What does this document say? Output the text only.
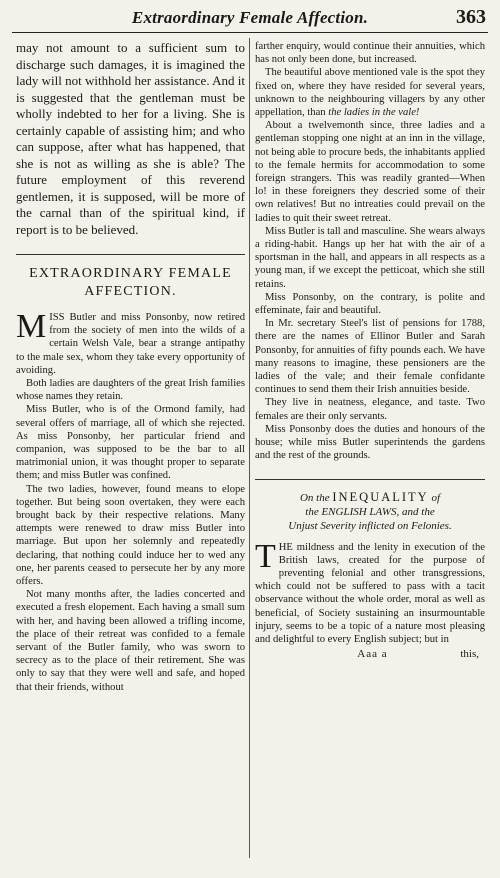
Extraordinary Female Affection.	363

may not amount to a sufficient sum to discharge such damages, it is imagined the lady will not withhold her assistance. And it is suggested that the gentleman must be wholly indebted to her for a living. She is certainly capable of assisting him; and who can suppose, after what has happened, that she is not as willing as she is able? The future employment of this reverend gentlemen, it is supposed, will be more of the carnal than of the spiritual kind, if report is to be believed.

EXTRAORDINARY FEMALE
AFFECTION.

MISS Butler and miss Ponsonby, now retired from the society of men into the wilds of a certain Welsh Vale, bear a strange antipathy to the male sex, whom they take every opportunity of avoiding.

Both ladies are daughters of the great Irish families whose names they retain.

Miss Butler, who is of the Ormond family, had several offers of marriage, all of which she rejected. As miss Ponsonby, her particular friend and companion, was supposed to be the bar to all matrimonial union, it was thought proper to separate them; and miss Butler was confined.

The two ladies, however, found means to elope together. But being soon overtaken, they were each brought back by their respective relations. Many attempts were renewed to draw miss Butler into marriage. But upon her solemnly and repeatedly declaring, that nothing could induce her to wed any one, her parents ceased to persecute her by any more offers.

Not many months after, the ladies concerted and executed a fresh elopement. Each having a small sum with her, and having been allowed a trifling income, the place of their retreat was confided to a female servant of the Butler family, who was sworn to secrecy as to the place of their retirement. She was only to say that they were well and safe, and hoped that their friends, without

farther enquiry, would continue their annuities, which has not only been done, but increased.

The beautiful above mentioned vale is the spot they fixed on, where they have resided for several years, unknown to the neighbouring villagers by any other appellation, than the ladies in the vale!

About a twelvemonth since, three ladies and a gentleman stopping one night at an inn in the village, not being able to procure beds, the inhabitants applied to the female hermits for accommodation to some foreign strangers. This was readily granted—When lo! in these foreigners they descried some of their own relatives! But no intreaties could prevail on the ladies to quit their sweet retreat.

Miss Butler is tall and masculine. She wears always a riding-habit. Hangs up her hat with the air of a sportsman in the hall, and appears in all respects as a young man, if we except the petticoat, which she still retains.

Miss Ponsonby, on the contrary, is polite and effeminate, fair and beautiful.

In Mr. secretary Steel's list of pensions for 1788, there are the names of Ellinor Butler and Sarah Ponsonby, for annuities of fifty pounds each. We have many reasons to imagine, these pensioners are the ladies of the vale; and their female confidante continues to send them their Irish annuities beside.

They live in neatness, elegance, and taste. Two females are their only servants.

Miss Ponsonby does the duties and honours of the house; while miss Butler superintends the gardens and the rest of the grounds.

On the INEQUALITY of
the ENGLISH LAWS, and the
Unjust Severity inflicted on Felonies.

THE mildness and the lenity in execution of the British laws, created for the purpose of preventing felonial and other transgressions, which could not be suffered to pass with a tacit observance without the whole order, moral as well as beneficial, of Society sustaining an insurmountable injury, seems to be a topic of a nature most pleasing and delightful to every English subject; but in

Aaa a	this,
